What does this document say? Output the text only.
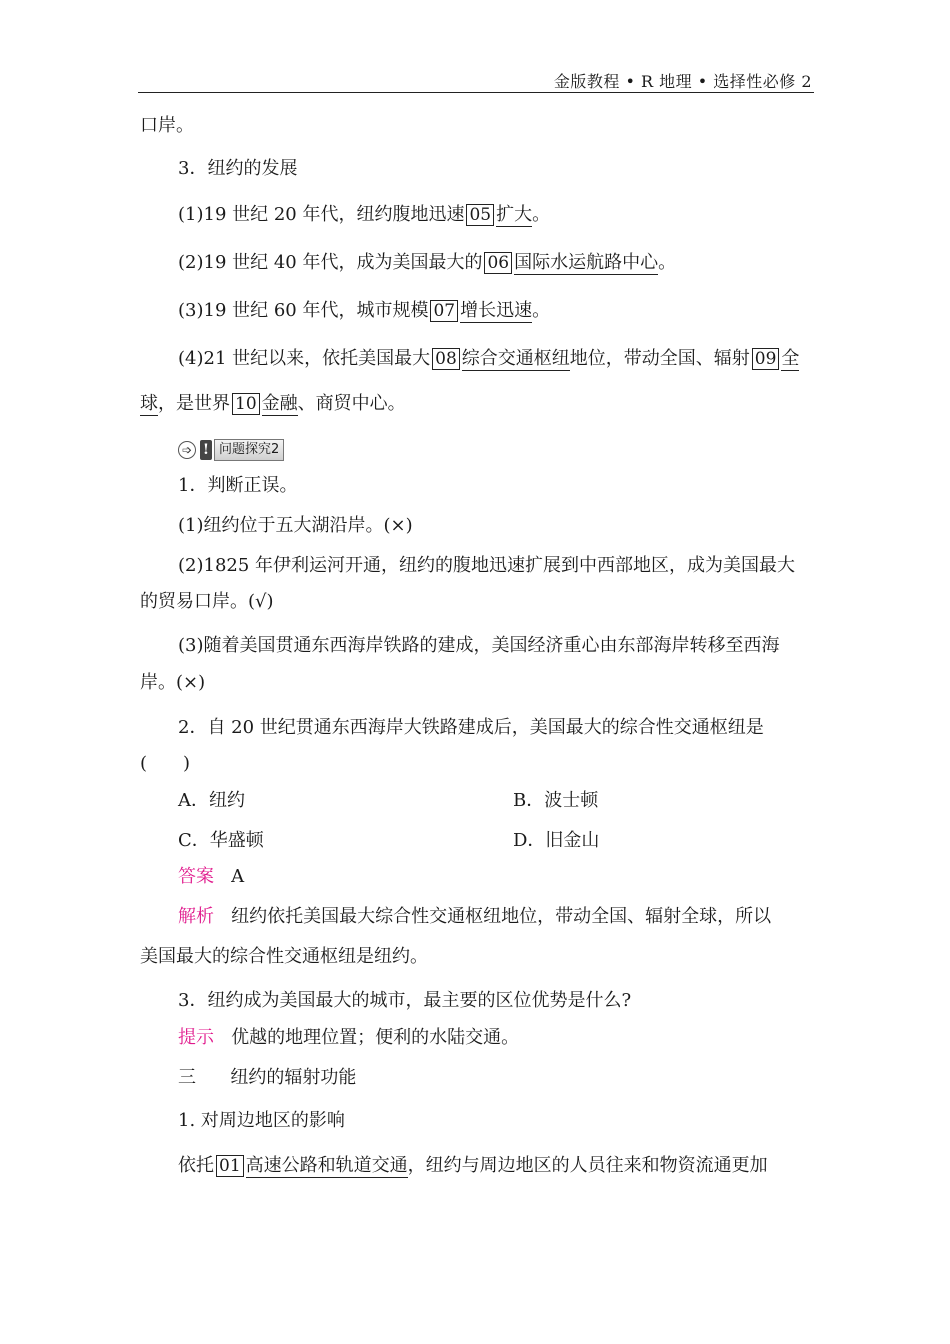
金版教程 • R 地理 • 选择性必修 2
口岸。
3．纽约的发展
(1)19 世纪 20 年代，纽约腹地迅速 05 扩大。
(2)19 世纪 40 年代，成为美国最大的 06 国际水运航路中心。
(3)19 世纪 60 年代，城市规模 07 增长迅速。
(4)21 世纪以来，依托美国最大 08 综合交通枢纽地位，带动全国、辐射 09 全
球，是世界 10 金融、商贸中心。
➩ ! 问题探究2
1．判断正误。
(1)纽约位于五大湖沿岸。(×)
(2)1825 年伊利运河开通，纽约的腹地迅速扩展到中西部地区，成为美国最大
的贸易口岸。(√)
(3)随着美国贯通东西海岸铁路的建成，美国经济重心由东部海岸转移至西海
岸。(×)
2．自 20 世纪贯通东西海岸大铁路建成后，美国最大的综合性交通枢纽是
(　　)
A．纽约	B．波士顿
C．华盛顿	D．旧金山
答案 A
解析 纽约依托美国最大综合性交通枢纽地位，带动全国、辐射全球，所以
美国最大的综合性交通枢纽是纽约。
3．纽约成为美国最大的城市，最主要的区位优势是什么?
提示 优越的地理位置；便利的水陆交通。
三 纽约的辐射功能
1. 对周边地区的影响
依托 01 高速公路和轨道交通，纽约与周边地区的人员往来和物资流通更加
